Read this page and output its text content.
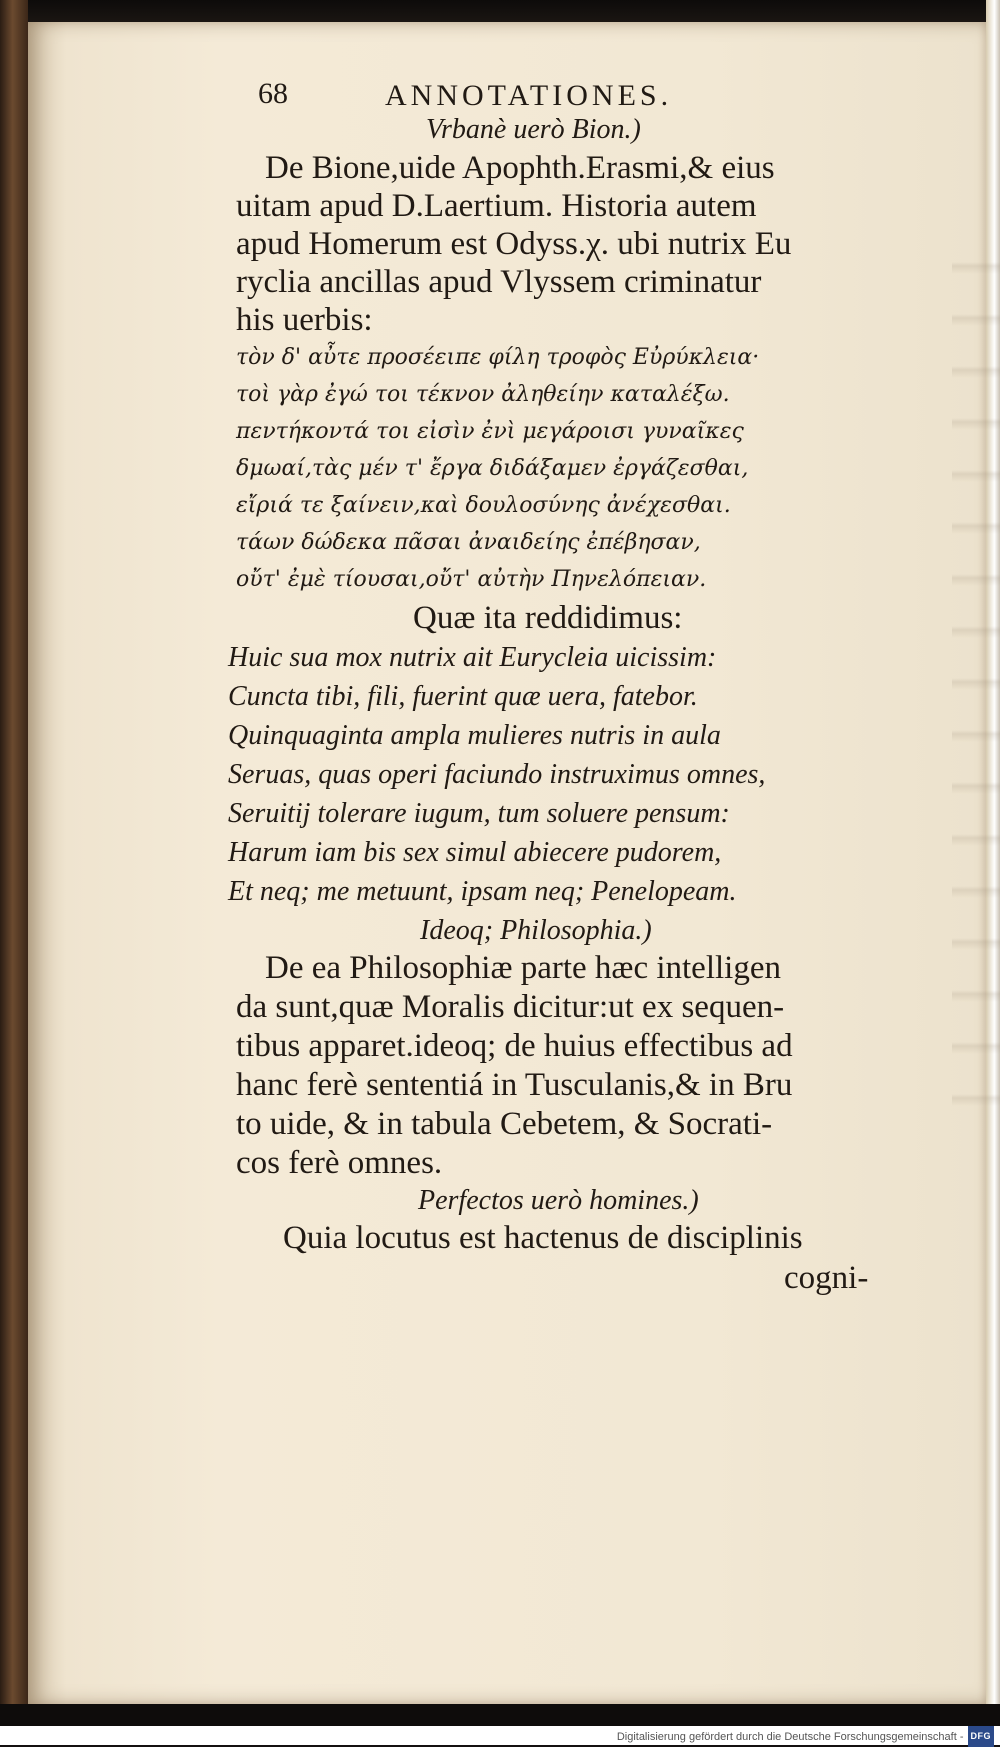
68	ANNOTATIONES.
Vrbanè uerò Bion.)
De Bione,uide Apophth.Erasmi,& eius
uitam apud D.Laertium. Historia autem
apud Homerum est Odyss.χ. ubi nutrix Eu
ryclia ancillas apud Vlyssem criminatur
his uerbis:
τὸν δ' αὖτε προσέειπε φίλη τροφὸς Εὐρύκλεια·
τοὶ γὰρ ἐγώ τοι τέκνον ἀληθείην καταλέξω.
πεντήκοντά τοι εἰσὶν ἐνὶ μεγάροισι γυναῖκες
δμωαί,τὰς μέν τ' ἔργα διδάξαμεν ἐργάζεσθαι,
εἴριά τε ξαίνειν,καὶ δουλοσύνης ἀνέχεσθαι.
τάων δώδεκα πᾶσαι ἀναιδείης ἐπέβησαν,
οὔτ' ἐμὲ τίουσαι,οὔτ' αὐτὴν Πηνελόπειαν.
Quæ ita reddidimus:
Huic sua mox nutrix ait Eurycleia uicissim:
Cuncta tibi, fili, fuerint quæ uera, fatebor.
Quinquaginta ampla mulieres nutris in aula
Seruas, quas operi faciundo instruximus omnes,
Seruitij tolerare iugum, tum soluere pensum:
Harum iam bis sex simul abiecere pudorem,
Et neq; me metuunt, ipsam neq; Penelopeam.
Ideoq; Philosophia.)
De ea Philosophiæ parte hæc intelligen
da sunt,quæ Moralis dicitur:ut ex sequen-
tibus apparet.ideoq; de huius effectibus ad
hanc ferè sententiá in Tusculanis,& in Bru
to uide, & in tabula Cebetem, & Socrati-
cos ferè omnes.
Perfectos uerò homines.)
Quia locutus est hactenus de disciplinis
cogni-
Digitalisierung gefördert durch die Deutsche Forschungsgemeinschaft - DFG
